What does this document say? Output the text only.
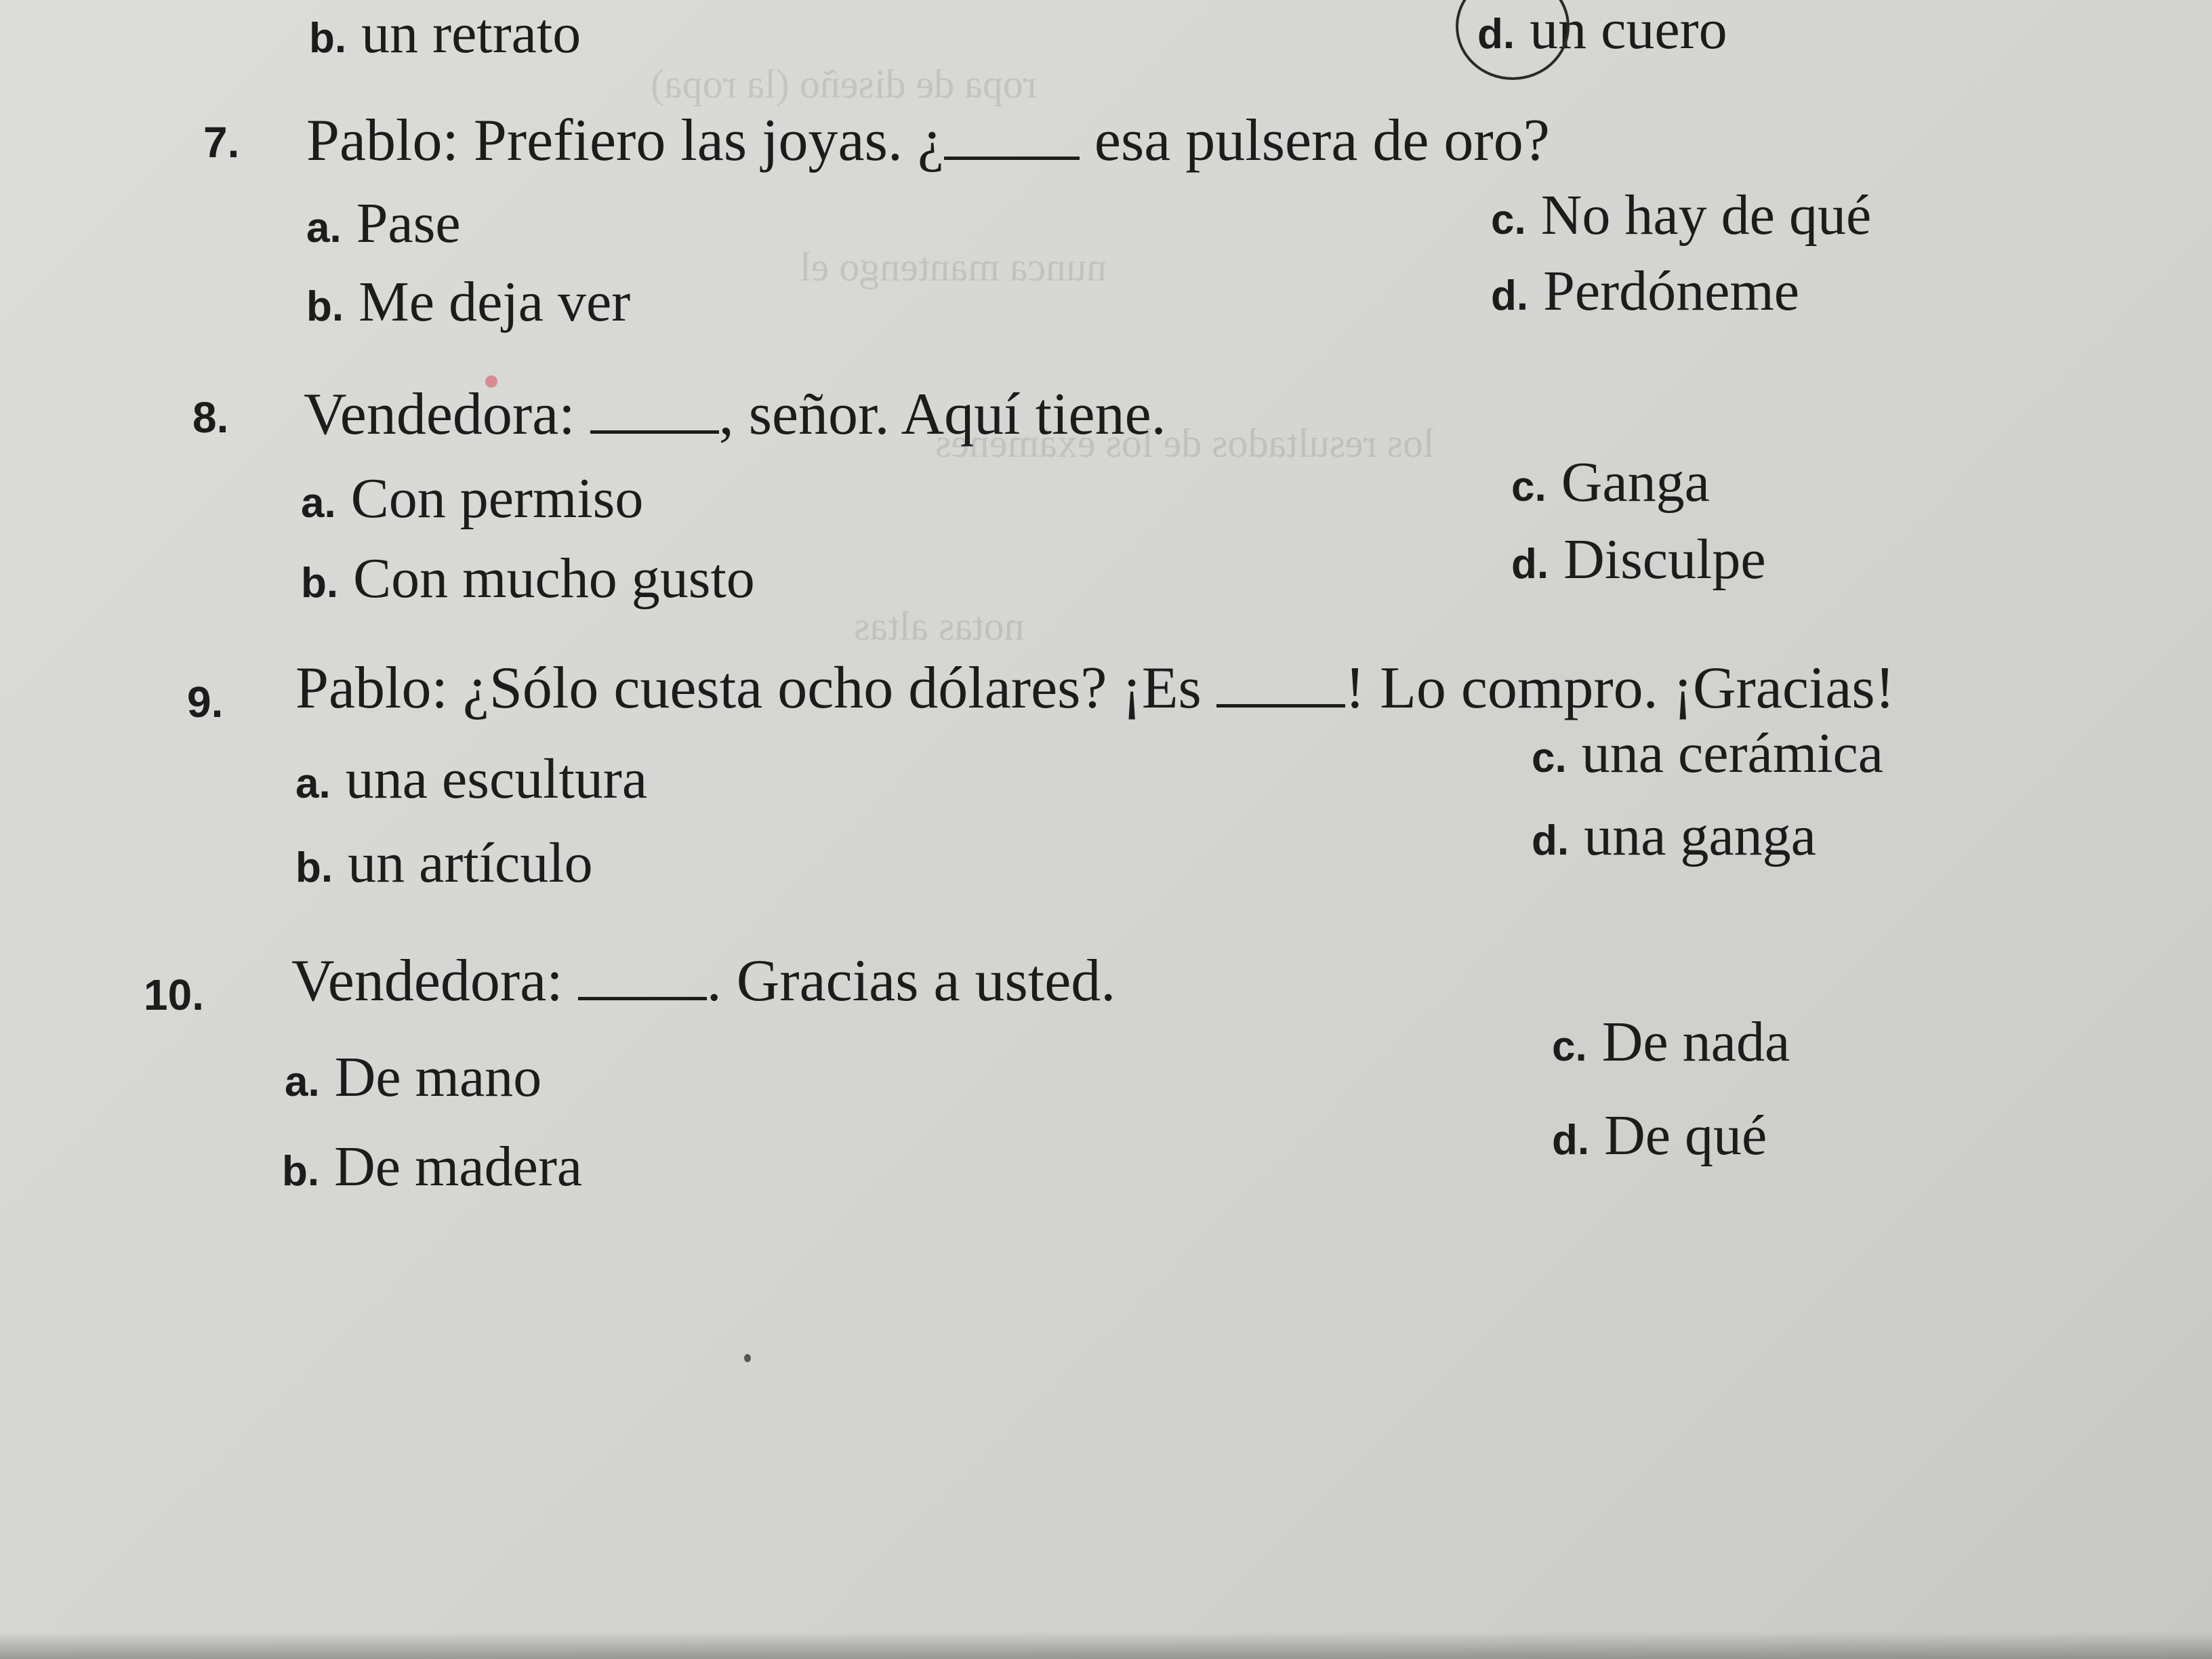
ropa de diseño (la ropa)
nunca mantengo el
los resultados de los exámenes
notas altas
b. un retrato	d. un cuero
7. Pablo: Prefiero las joyas. ¿ esa pulsera de oro?
a. Pase
b. Me deja ver
c. No hay de qué
d. Perdóneme
8. Vendedora: , señor. Aquí tiene.
a. Con permiso
b. Con mucho gusto
c. Ganga
d. Disculpe
9. Pablo: ¿Sólo cuesta ocho dólares? ¡Es ! Lo compro. ¡Gracias!
a. una escultura
b. un artículo
c. una cerámica
d. una ganga
10. Vendedora: . Gracias a usted.
a. De mano
b. De madera
c. De nada
d. De qué
